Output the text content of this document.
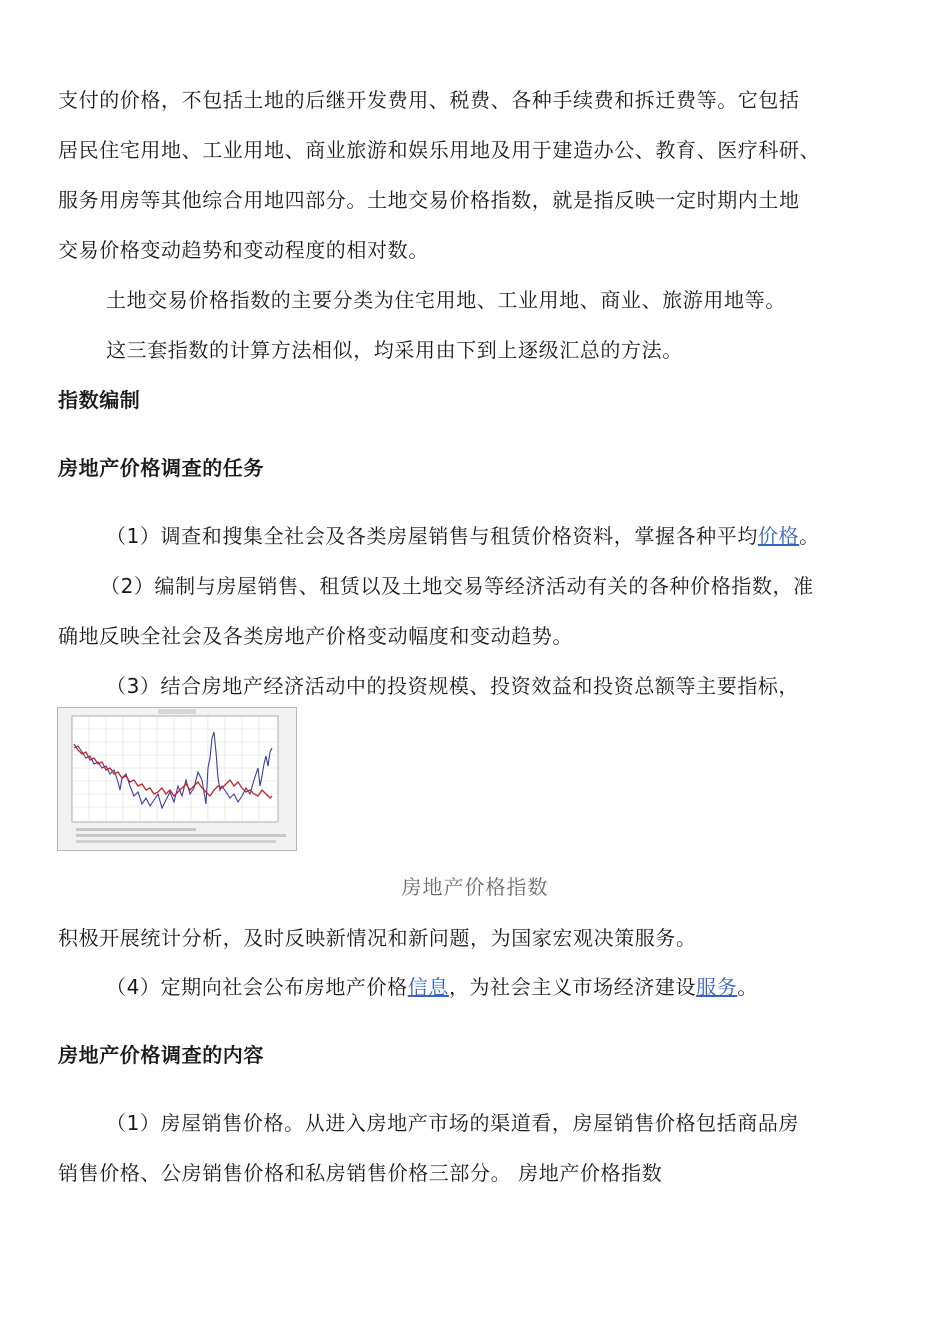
支付的价格，不包括土地的后继开发费用、税费、各种手续费和拆迁费等。它包括
居民住宅用地、工业用地、商业旅游和娱乐用地及用于建造办公、教育、医疗科研、
服务用房等其他综合用地四部分。土地交易价格指数，就是指反映一定时期内土地
交易价格变动趋势和变动程度的相对数。
土地交易价格指数的主要分类为住宅用地、工业用地、商业、旅游用地等。
这三套指数的计算方法相似，均采用由下到上逐级汇总的方法。
指数编制
房地产价格调查的任务
（1）调查和搜集全社会及各类房屋销售与租赁价格资料，掌握各种平均价格。
（2）编制与房屋销售、租赁以及土地交易等经济活动有关的各种价格指数，准
确地反映全社会及各类房地产价格变动幅度和变动趋势。
（3）结合房地产经济活动中的投资规模、投资效益和投资总额等主要指标，
房地产价格指数
积极开展统计分析，及时反映新情况和新问题，为国家宏观决策服务。
（4）定期向社会公布房地产价格信息，为社会主义市场经济建设服务。
房地产价格调查的内容
（1）房屋销售价格。从进入房地产市场的渠道看，房屋销售价格包括商品房
销售价格、公房销售价格和私房销售价格三部分。 房地产价格指数
